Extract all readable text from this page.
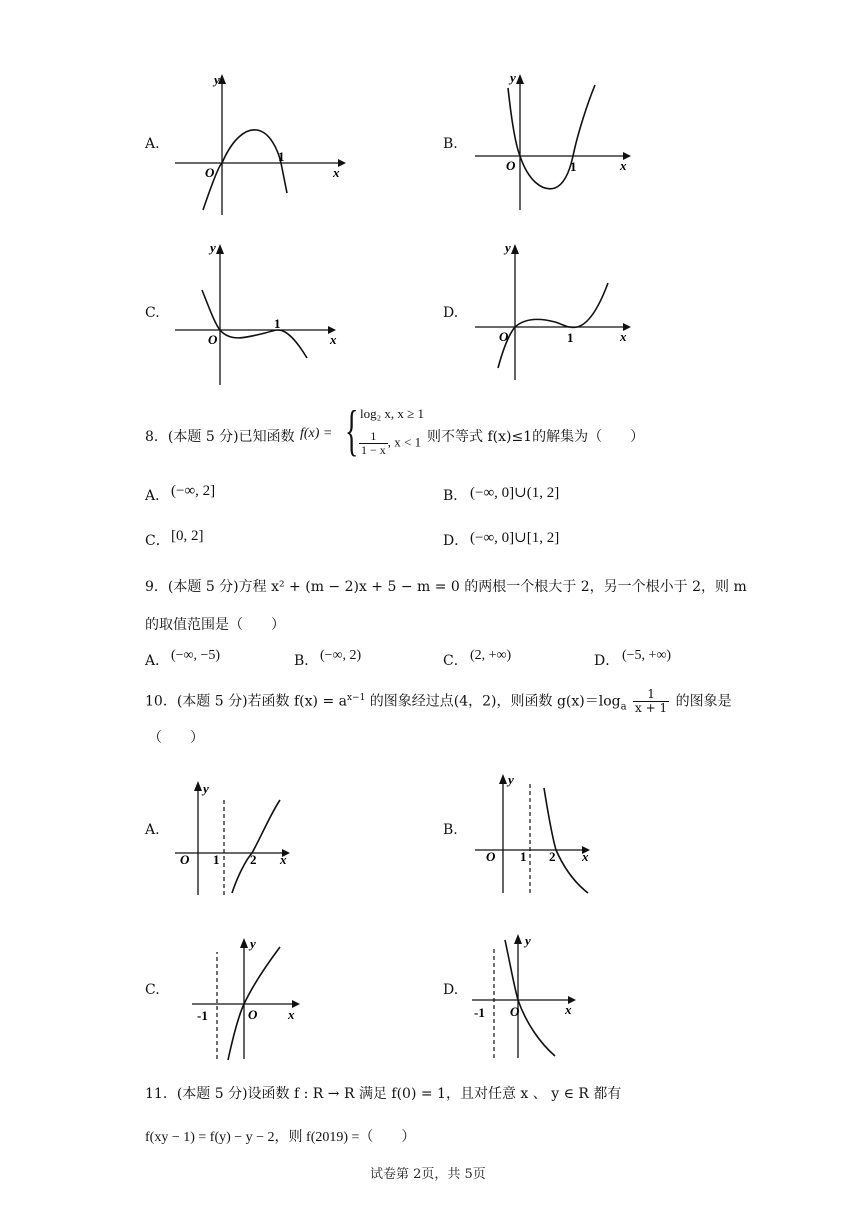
A.
y
x
O
1
B.
y
x
O	1
C.
y
x
O
1
D.
y
x
O	1
8．(本题 5 分)已知函数 f(x) = { log₂ x, x ≥ 1
$\frac{1}{1 - x}$ , x < 1 则不等式 f(x)≤1的解集为（　　）
A． (−∞, 2]	B． (−∞, 0]∪(1, 2]
C． [0, 2]	D． (−∞, 0]∪[1, 2]
9．(本题 5 分)方程 x² + (m − 2)x + 5 − m = 0 的两根一个根大于 2，另一个根小于 2，则 m
的取值范围是（　　）
A． (−∞, −5)	B． (−∞, 2)	C． (2, +∞)	D． (−5, +∞)
10．(本题 5 分)若函数 $f(x) = a^{x-1}$ 的图象经过点(4，2)，则函数 $g(x)=\log_a \frac{1}{x + 1}$ 的图象是
（　　）
A.
y
x
O 1 2
B.
y
x
O 1 2
C.
y
x
O
-1
D.
y
x
O
-1
11．(本题 5 分)设函数 f : R → R 满足 f(0) = 1，且对任意 x 、 y ∈ R 都有
f(xy − 1) = f(y) − y − 2，则 f(2019) =（　　）
试卷第 2页，共 5页
